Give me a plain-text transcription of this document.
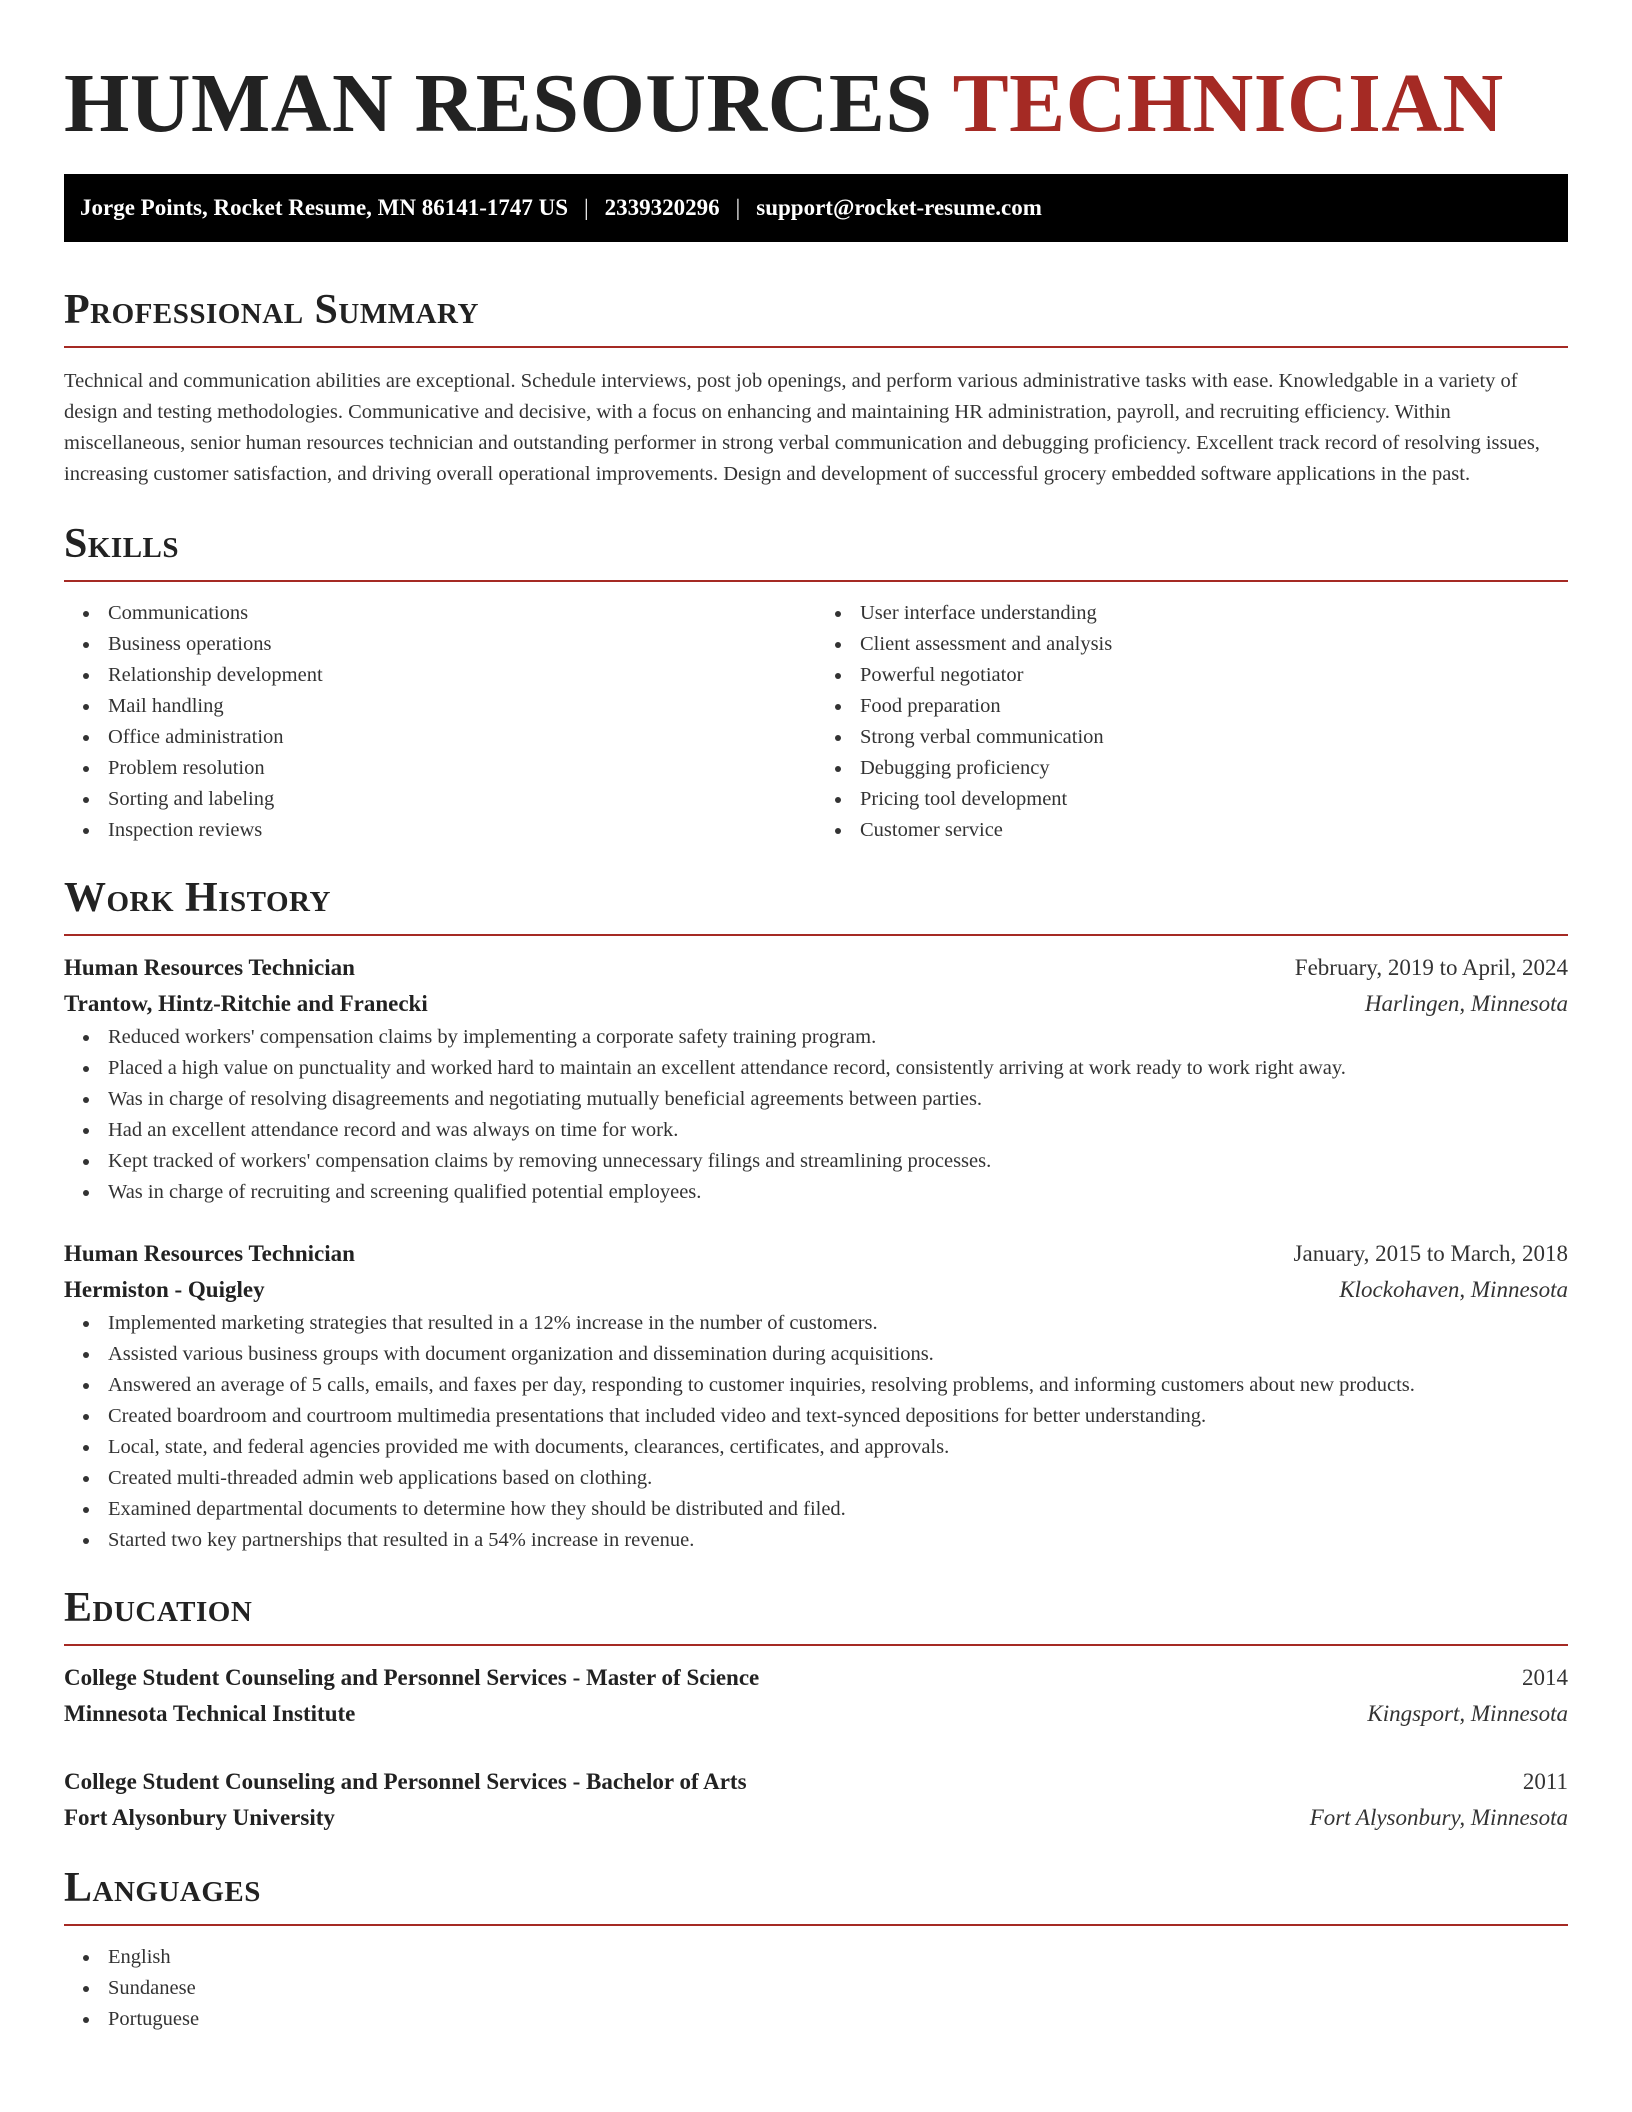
HUMAN RESOURCES TECHNICIAN
Jorge Points, Rocket Resume, MN 86141-1747 US | 2339320296 | support@rocket-resume.com
Professional Summary

Technical and communication abilities are exceptional. Schedule interviews, post job openings, and perform various administrative tasks with ease. Knowledgable in a variety of design and testing methodologies. Communicative and decisive, with a focus on enhancing and maintaining HR administration, payroll, and recruiting efficiency. Within miscellaneous, senior human resources technician and outstanding performer in strong verbal communication and debugging proficiency. Excellent track record of resolving issues, increasing customer satisfaction, and driving overall operational improvements. Design and development of successful grocery embedded software applications in the past.

Skills
Communications
Business operations
Relationship development
Mail handling
Office administration
Problem resolution
Sorting and labeling
Inspection reviews
User interface understanding
Client assessment and analysis
Powerful negotiator
Food preparation
Strong verbal communication
Debugging proficiency
Pricing tool development
Customer service
Work History
Human Resources Technician	February, 2019 to April, 2024
Trantow, Hintz-Ritchie and Franecki	Harlingen, Minnesota
Reduced workers' compensation claims by implementing a corporate safety training program.
Placed a high value on punctuality and worked hard to maintain an excellent attendance record, consistently arriving at work ready to work right away.
Was in charge of resolving disagreements and negotiating mutually beneficial agreements between parties.
Had an excellent attendance record and was always on time for work.
Kept tracked of workers' compensation claims by removing unnecessary filings and streamlining processes.
Was in charge of recruiting and screening qualified potential employees.
Human Resources Technician	January, 2015 to March, 2018
Hermiston - Quigley	Klockohaven, Minnesota
Implemented marketing strategies that resulted in a 12% increase in the number of customers.
Assisted various business groups with document organization and dissemination during acquisitions.
Answered an average of 5 calls, emails, and faxes per day, responding to customer inquiries, resolving problems, and informing customers about new products.
Created boardroom and courtroom multimedia presentations that included video and text-synced depositions for better understanding.
Local, state, and federal agencies provided me with documents, clearances, certificates, and approvals.
Created multi-threaded admin web applications based on clothing.
Examined departmental documents to determine how they should be distributed and filed.
Started two key partnerships that resulted in a 54% increase in revenue.
Education
College Student Counseling and Personnel Services - Master of Science	2014
Minnesota Technical Institute	Kingsport, Minnesota
College Student Counseling and Personnel Services - Bachelor of Arts	2011
Fort Alysonbury University	Fort Alysonbury, Minnesota
Languages
English
Sundanese
Portuguese
